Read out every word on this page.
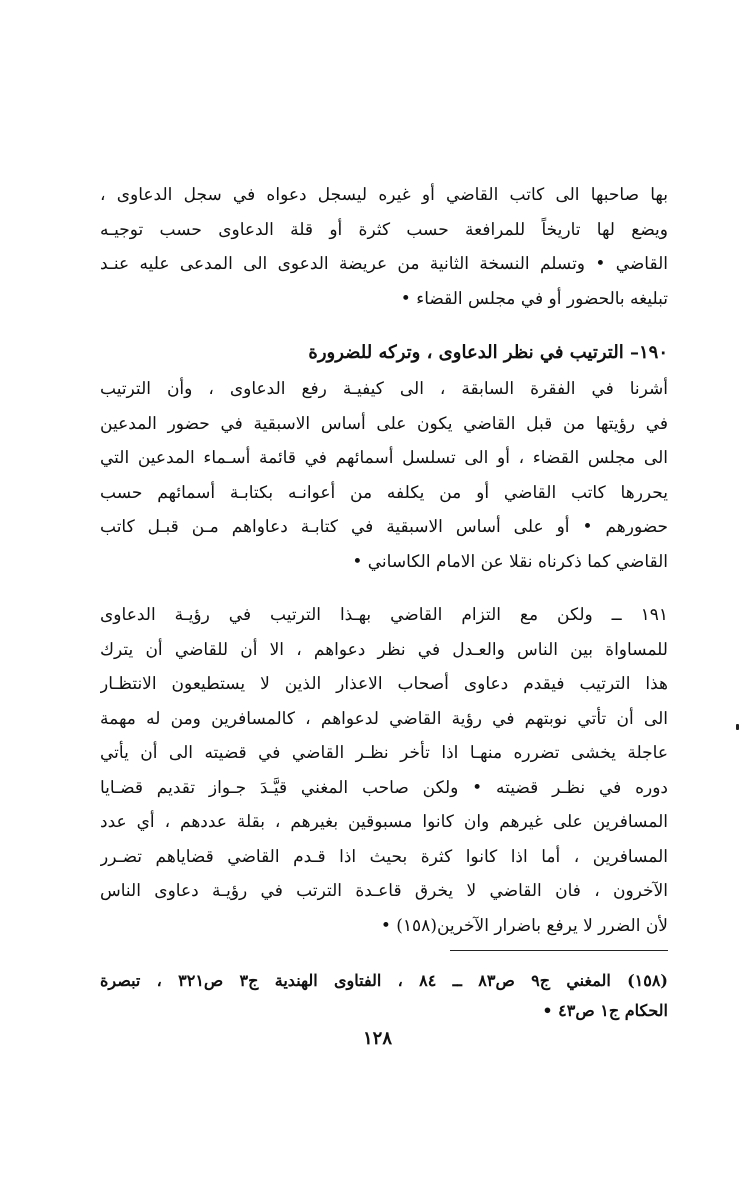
بها صاحبها الى كاتب القاضي أو غيره ليسجل دعواه في سجل الدعاوى ،
ويضع لها تاريخاً للمرافعة حسب كثرة أو قلة الدعاوى حسب توجيـه
القاضي • وتسلم النسخة الثانية من عريضة الدعوى الى المدعى عليه عنـد
تبليغه بالحضور أو في مجلس القضاء •
١٩٠– الترتيب في نظر الدعاوى ، وتركه للضرورة
أشرنا في الفقرة السابقة ، الى كيفيـة رفع الدعاوى ، وأن الترتيب
في رؤيتها من قبل القاضي يكون على أساس الاسبقية في حضور المدعين
الى مجلس القضاء ، أو الى تسلسل أسمائهم في قائمة أسـماء المدعين التي
يحررها كاتب القاضي أو من يكلفه من أعوانـه بكتابـة أسمائهم حسب
حضورهم • أو على أساس الاسبقية في كتابـة دعاواهم مـن قبـل كاتب
القاضي كما ذكرناه نقلا عن الامام الكاساني •
١٩١ ــ ولكن مع التزام القاضي بهـذا الترتيب في رؤيـة الدعاوى
للمساواة بين الناس والعـدل في نظر دعواهم ، الا أن للقاضي أن يترك
هذا الترتيب فيقدم دعاوى أصحاب الاعذار الذين لا يستطيعون الانتظـار
الى أن تأتي نوبتهم في رؤية القاضي لدعواهم ، كالمسافرين ومن له مهمة
عاجلة يخشى تضرره منهـا اذا تأخر نظـر القاضي في قضيته الى أن يأتي
دوره في نظـر قضيته • ولكن صاحب المغني قيَّـدَ جـواز تقديم قضـايا
المسافرين على غيرهم وان كانوا مسبوقين بغيرهم ، بقلة عددهم ، أي عدد
المسافرين ، أما اذا كانوا كثرة بحيث اذا قـدم القاضي قضاياهم تضـرر
الآخرون ، فان القاضي لا يخرق قاعـدة الترتب في رؤيـة دعاوى الناس
لأن الضرر لا يرفع باضرار الآخرين(١٥٨) •
(١٥٨) المغني ج٩ ص٨٣ ــ ٨٤ ، الفتاوى الهندية ج٣ ص٣٢١ ، تبصرة
الحكام ج١ ص٤٣ •
١٢٨
